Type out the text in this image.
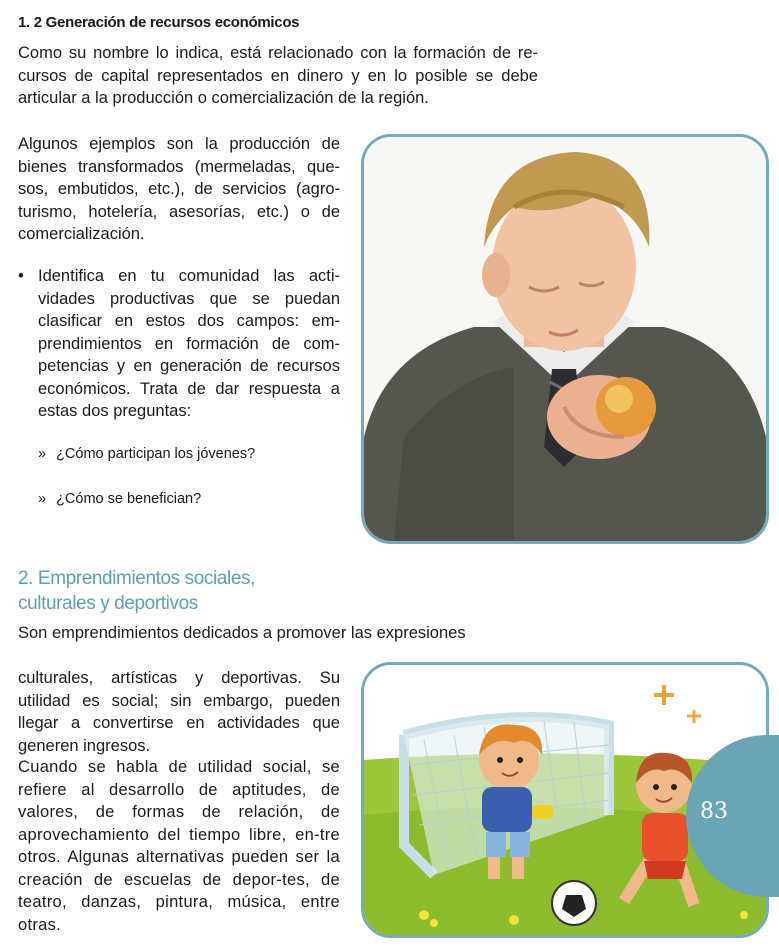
1. 2 Generación de recursos económicos

Como su nombre lo indica, está relacionado con la formación de re-cursos de capital representados en dinero y en lo posible se debe articular a la producción o comercialización de la región.

Algunos ejemplos son la producción de bienes transformados (mermeladas, que-sos, embutidos, etc.), de servicios (agro-turismo, hotelería, asesorías, etc.) o de comercialización.

• Identifica en tu comunidad las acti-vidades productivas que se puedan clasificar en estos dos campos: em-prendimientos en formación de com-petencias y en generación de recursos económicos. Trata de dar respuesta a estas dos preguntas:
» ¿Cómo participan los jóvenes?
» ¿Cómo se benefician?
2. Emprendimientos sociales,
culturales y deportivos

Son emprendimientos dedicados a promover las expresiones

culturales, artísticas y deportivas. Su utilidad es social; sin embargo, pueden llegar a convertirse en actividades que generen ingresos.

Cuando se habla de utilidad social, se refiere al desarrollo de aptitudes, de valores, de formas de relación, de aprovechamiento del tiempo libre, en-tre otros. Algunas alternativas pueden ser la creación de escuelas de depor-tes, de teatro, danzas, pintura, música, entre otras.

83
